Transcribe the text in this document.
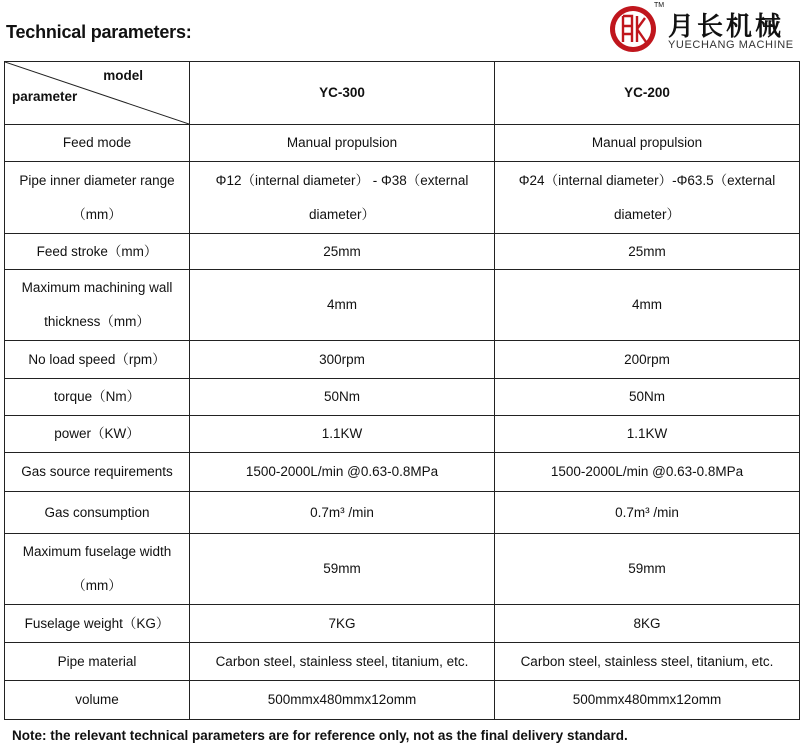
Technical parameters:
TM
月长机械
YUECHANG MACHINE
model
parameter	YC-300	YC-200
Feed mode	Manual propulsion	Manual propulsion
Pipe inner diameter range （mm）	Φ12（internal diameter） - Φ38（external diameter）	Φ24（internal diameter）-Φ63.5（external diameter）
Feed stroke（mm）	25mm	25mm
Maximum machining wall thickness（mm）	4mm	4mm
No load speed（rpm）	300rpm	200rpm
torque（Nm）	50Nm	50Nm
power（KW）	1.1KW	1.1KW
Gas source requirements	1500-2000L/min @0.63-0.8MPa	1500-2000L/min @0.63-0.8MPa
Gas consumption	0.7m³ /min	0.7m³ /min
Maximum fuselage width （mm）	59mm	59mm
Fuselage weight（KG）	7KG	8KG
Pipe material	Carbon steel, stainless steel, titanium, etc.	Carbon steel, stainless steel, titanium, etc.
volume	500mmx480mmx12omm	500mmx480mmx12omm
Note: the relevant technical parameters are for reference only, not as the final delivery standard.
